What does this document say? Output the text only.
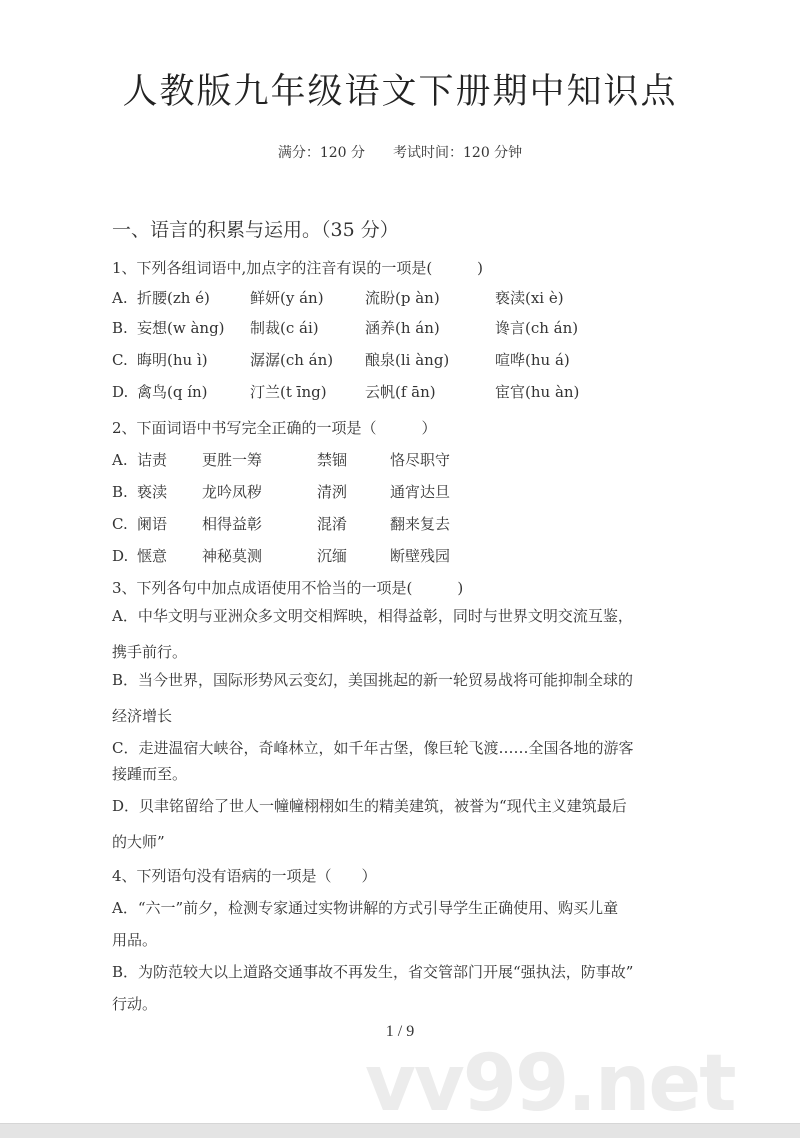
人教版九年级语文下册期中知识点
满分：120 分　　考试时间：120 分钟
一、语言的积累与运用。（35 分）
1、下列各组词语中,加点字的注音有误的一项是(　　　)
A. 折腰(zh é)	鲜妍(y án)	流盼(p àn)	亵渎(xi è)
B. 妄想(w àng) 制裁(c ái)	涵养(h án)	谗言(ch án)
C. 晦明(hu ì)	潺潺(ch án) 酿泉(li àng)	喧哗(hu á)
D. 禽鸟(q ín)	汀兰(t īng)	云帆(f ān)	宦官(hu àn)
2、下面词语中书写完全正确的一项是（　　　）
A. 诘责 更胜一筹	禁锢	恪尽职守
B. 亵渎 龙吟凤秽	清洌	通宵达旦
C. 阑语 相得益彰	混淆	翻来复去
D. 惬意 神秘莫测	沉缅	断壁残园
3、下列各句中加点成语使用不恰当的一项是(　　　)
A．中华文明与亚洲众多文明交相辉映，相得益彰，同时与世界文明交流互鉴，
携手前行。
B．当今世界，国际形势风云变幻，美国挑起的新一轮贸易战将可能抑制全球的
经济增长
C．走进温宿大峡谷，奇峰林立，如千年古堡，像巨轮飞渡……全国各地的游客
接踵而至。
D．贝聿铭留给了世人一幢幢栩栩如生的精美建筑，被誉为“现代主义建筑最后
的大师”
4、下列语句没有语病的一项是（　　）
A．“六一”前夕，检测专家通过实物讲解的方式引导学生正确使用、购买儿童
用品。
B．为防范较大以上道路交通事故不再发生，省交管部门开展“强执法，防事故”
行动。
1 / 9
vv99.net
